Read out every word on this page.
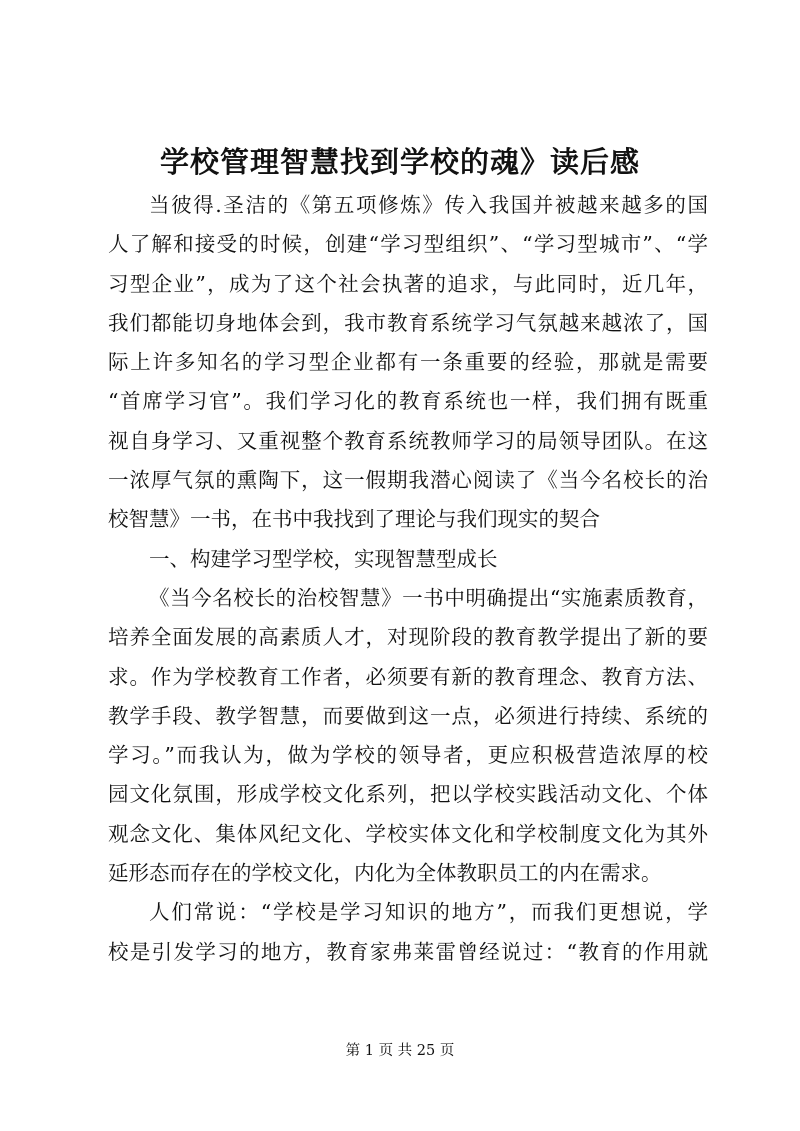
学校管理智慧找到学校的魂》读后感
当彼得.圣洁的《第五项修炼》传入我国并被越来越多的国
人了解和接受的时候，创建“学习型组织”、“学习型城市”、“学
习型企业”，成为了这个社会执著的追求，与此同时，近几年，
我们都能切身地体会到，我市教育系统学习气氛越来越浓了，国
际上许多知名的学习型企业都有一条重要的经验，那就是需要
“首席学习官”。我们学习化的教育系统也一样，我们拥有既重
视自身学习、又重视整个教育系统教师学习的局领导团队。在这
一浓厚气氛的熏陶下，这一假期我潜心阅读了《当今名校长的治
校智慧》一书，在书中我找到了理论与我们现实的契合
一、构建学习型学校，实现智慧型成长
《当今名校长的治校智慧》一书中明确提出“实施素质教育，
培养全面发展的高素质人才，对现阶段的教育教学提出了新的要
求。作为学校教育工作者，必须要有新的教育理念、教育方法、
教学手段、教学智慧，而要做到这一点，必须进行持续、系统的
学习。”而我认为，做为学校的领导者，更应积极营造浓厚的校
园文化氛围，形成学校文化系列，把以学校实践活动文化、个体
观念文化、集体风纪文化、学校实体文化和学校制度文化为其外
延形态而存在的学校文化，内化为全体教职员工的内在需求。
人们常说：“学校是学习知识的地方”，而我们更想说，学
校是引发学习的地方，教育家弗莱雷曾经说过：“教育的作用就
第 1 页 共 25 页
